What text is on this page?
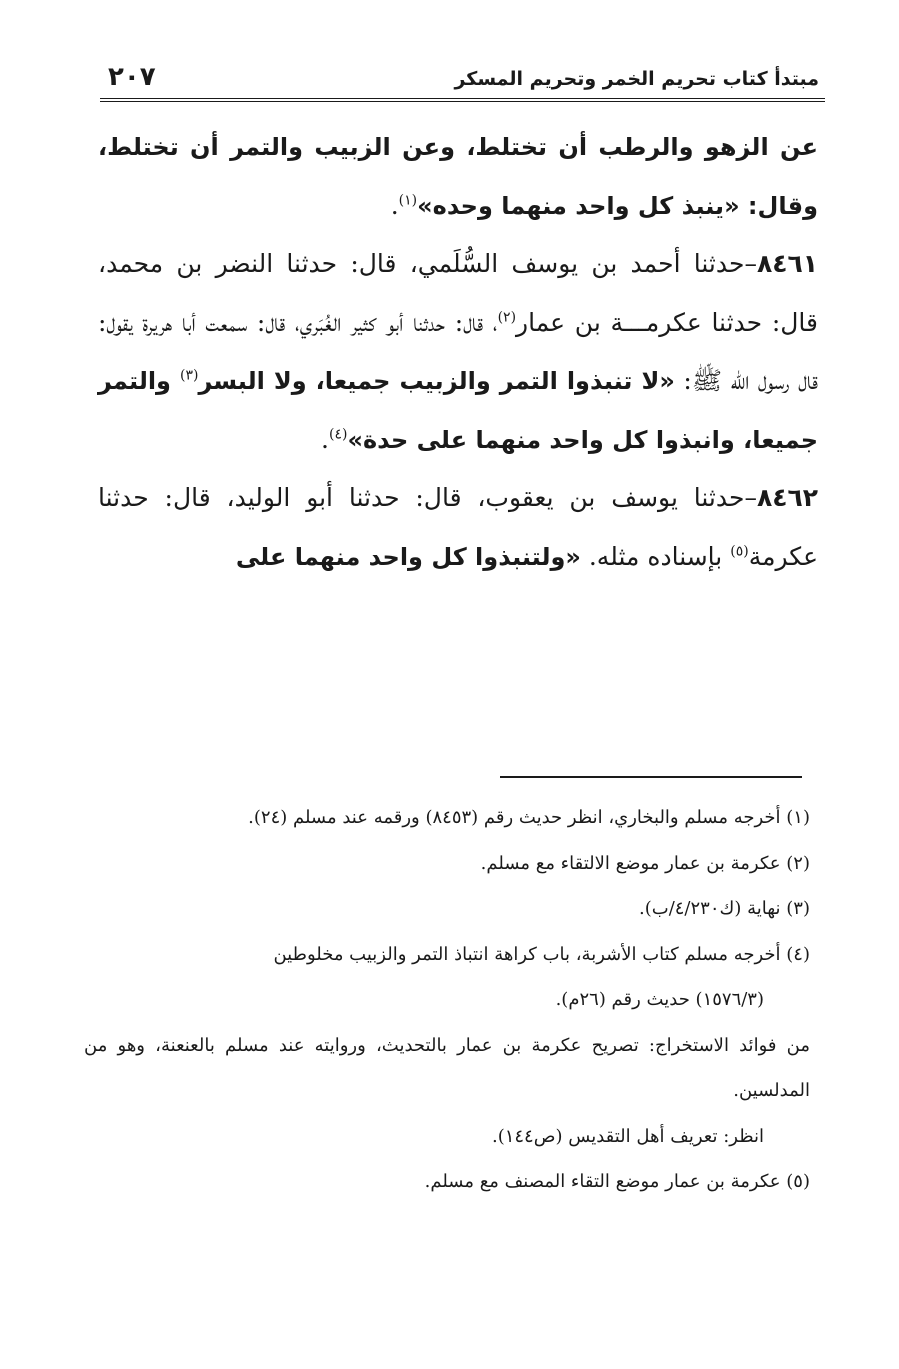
٢٠٧	مبتدأ كتاب تحريم الخمر وتحريم المسكر

عن الزهو والرطب أن تختلط، وعن الزبيب والتمر أن تختلط، وقال: «ينبذ كل واحد منهما وحده»$^{(١)}$.

٨٤٦١–حدثنا أحمد بن يوسف السُّلَمي، قال: حدثنا النضر بن محمد، قال: حدثنا عكرمـــة بن عمار$^{(٢)}$، قال: حدثنا أبو كثير الغُبَري، قال: سمعت أبا هريرة يقول: قال رسول الله ﷺ: «لا تنبذوا التمر والزبيب جميعا، ولا البسر$^{(٣)}$ والتمر جميعا، وانبذوا كل واحد منهما على حدة»$^{(٤)}$.

٨٤٦٢–حدثنا يوسف بن يعقوب، قال: حدثنا أبو الوليد، قال: حدثنا عكرمة$^{(٥)}$ بإسناده مثله. «ولتنبذوا كل واحد منهما على

(١) أخرجه مسلم والبخاري، انظر حديث رقم (٨٤٥٣) ورقمه عند مسلم (٢٤).

(٢) عكرمة بن عمار موضع الالتقاء مع مسلم.

(٣) نهاية (ك٤/٢٣٠/ب).

(٤) أخرجه مسلم كتاب الأشربة، باب كراهة انتباذ التمر والزبيب مخلوطين

(١٥٧٦/٣) حديث رقم (٢٦م).

من فوائد الاستخراج: تصريح عكرمة بن عمار بالتحديث، وروايته عند مسلم بالعنعنة، وهو من المدلسين.

انظر: تعريف أهل التقديس (ص١٤٤).

(٥) عكرمة بن عمار موضع التقاء المصنف مع مسلم.
